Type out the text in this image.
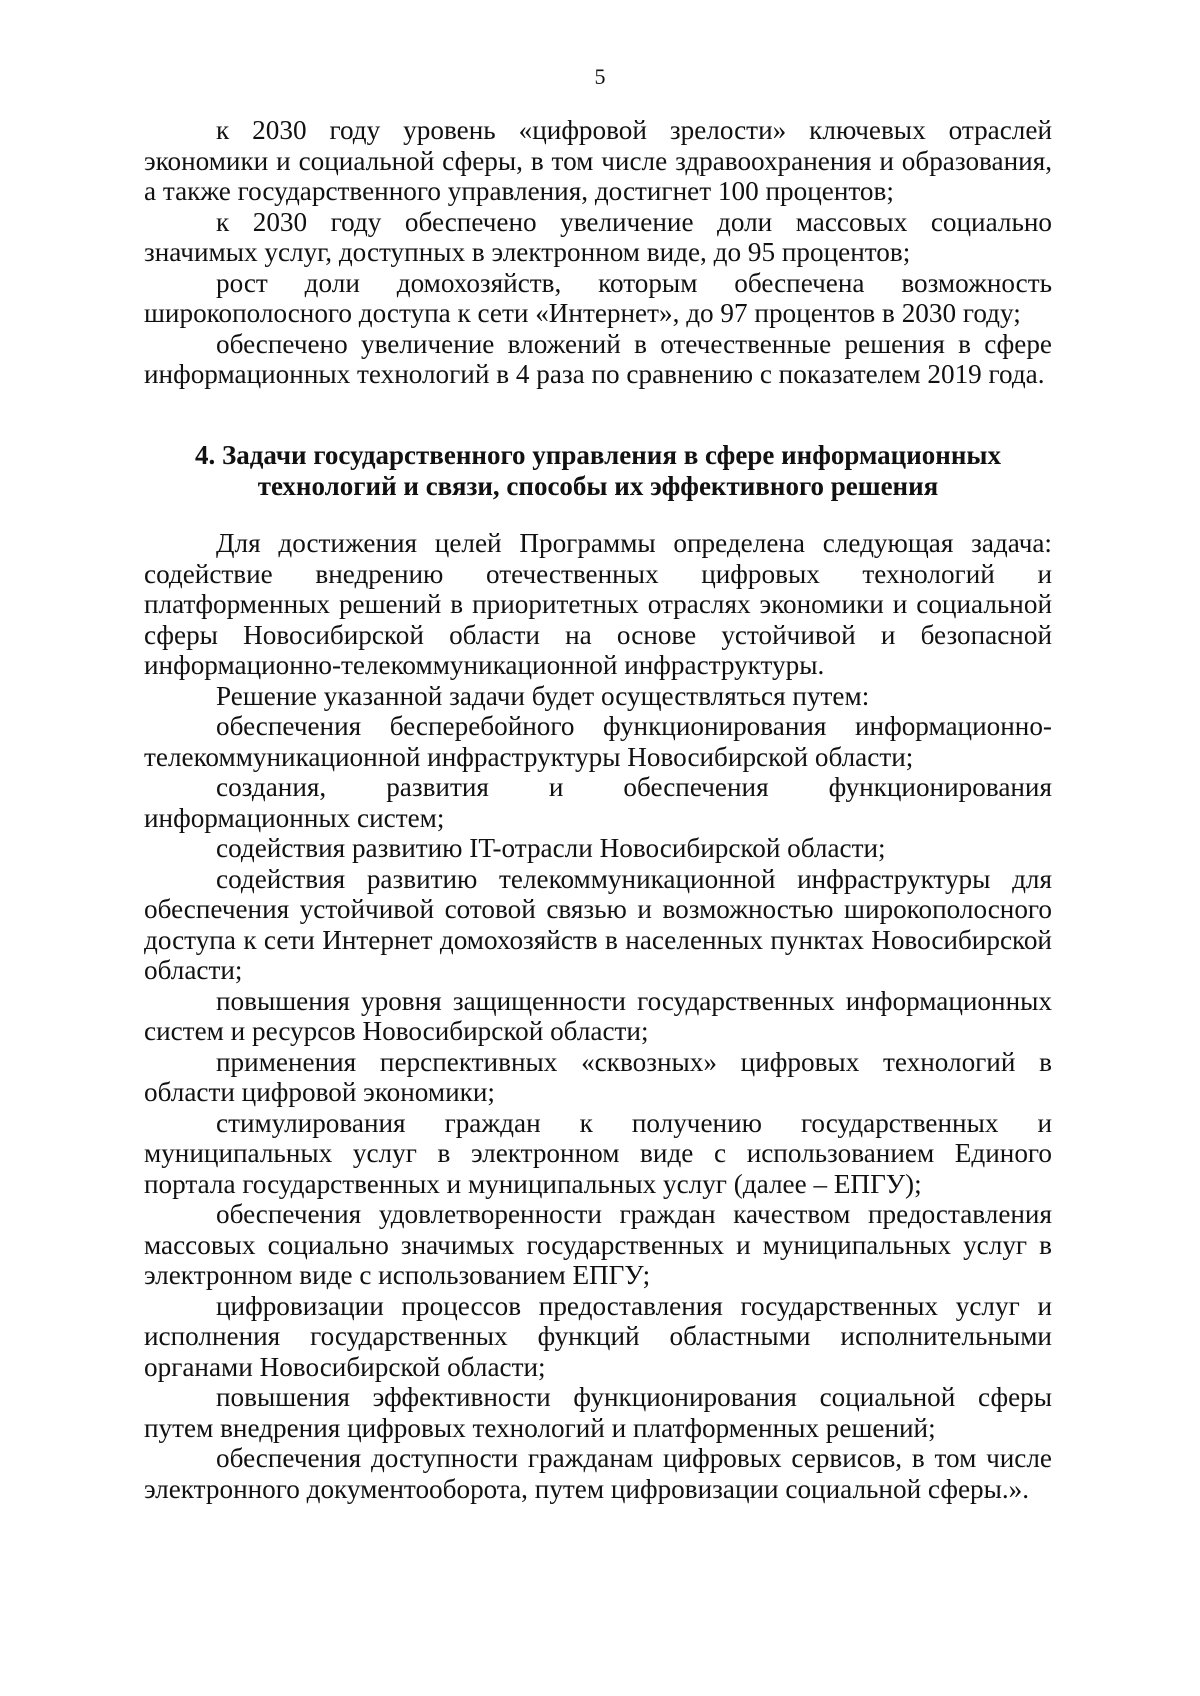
5

к 2030 году уровень «цифровой зрелости» ключевых отраслей экономики и социальной сферы, в том числе здравоохранения и образования, а также государственного управления, достигнет 100 процентов;

к 2030 году обеспечено увеличение доли массовых социально значимых услуг, доступных в электронном виде, до 95 процентов;

рост доли домохозяйств, которым обеспечена возможность широкополосного доступа к сети «Интернет», до 97 процентов в 2030 году;

обеспечено увеличение вложений в отечественные решения в сфере информационных технологий в 4 раза по сравнению с показателем 2019 года.

4. Задачи государственного управления в сфере информационных
технологий и связи, способы их эффективного решения

Для достижения целей Программы определена следующая задача: содействие внедрению отечественных цифровых технологий и платформенных решений в приоритетных отраслях экономики и социальной сферы Новосибирской области на основе устойчивой и безопасной информационно-телекоммуникационной инфраструктуры.

Решение указанной задачи будет осуществляться путем:

обеспечения бесперебойного функционирования информационно-телекоммуникационной инфраструктуры Новосибирской области;

создания, развития и обеспечения функционирования информационных систем;

содействия развитию IT-отрасли Новосибирской области;

содействия развитию телекоммуникационной инфраструктуры для обеспечения устойчивой сотовой связью и возможностью широкополосного доступа к сети Интернет домохозяйств в населенных пунктах Новосибирской области;

повышения уровня защищенности государственных информационных систем и ресурсов Новосибирской области;

применения перспективных «сквозных» цифровых технологий в области цифровой экономики;

стимулирования граждан к получению государственных и муниципальных услуг в электронном виде с использованием Единого портала государственных и муниципальных услуг (далее – ЕПГУ);

обеспечения удовлетворенности граждан качеством предоставления массовых социально значимых государственных и муниципальных услуг в электронном виде с использованием ЕПГУ;

цифровизации процессов предоставления государственных услуг и исполнения государственных функций областными исполнительными органами Новосибирской области;

повышения эффективности функционирования социальной сферы путем внедрения цифровых технологий и платформенных решений;

обеспечения доступности гражданам цифровых сервисов, в том числе электронного документооборота, путем цифровизации социальной сферы.».
